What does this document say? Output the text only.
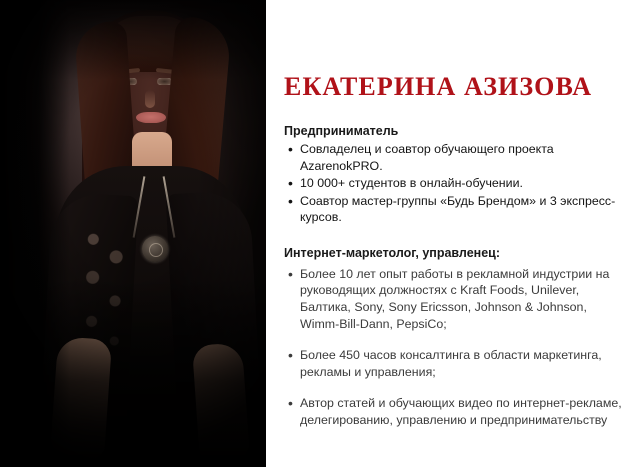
ЕКАТЕРИНА АЗИЗОВА
Предприниматель
• Совладелец и соавтор обучающего проекта AzarenokPRO.
• 10 000+ студентов в онлайн-обучении.
• Соавтор мастер-группы «Будь Брендом» и 3 экспресс-курсов.
Интернет-маркетолог, управленец:
• Более 10 лет опыт работы в рекламной индустрии на руководящих должностях с Kraft Foods, Unilever, Балтика, Sony, Sony Ericsson, Johnson & Johnson, Wimm-Bill-Dann, PepsiCo;
• Более 450 часов консалтинга в области маркетинга, рекламы и управления;
• Автор статей и обучающих видео по интернет-рекламе, делегированию, управлению и предпринимательству
